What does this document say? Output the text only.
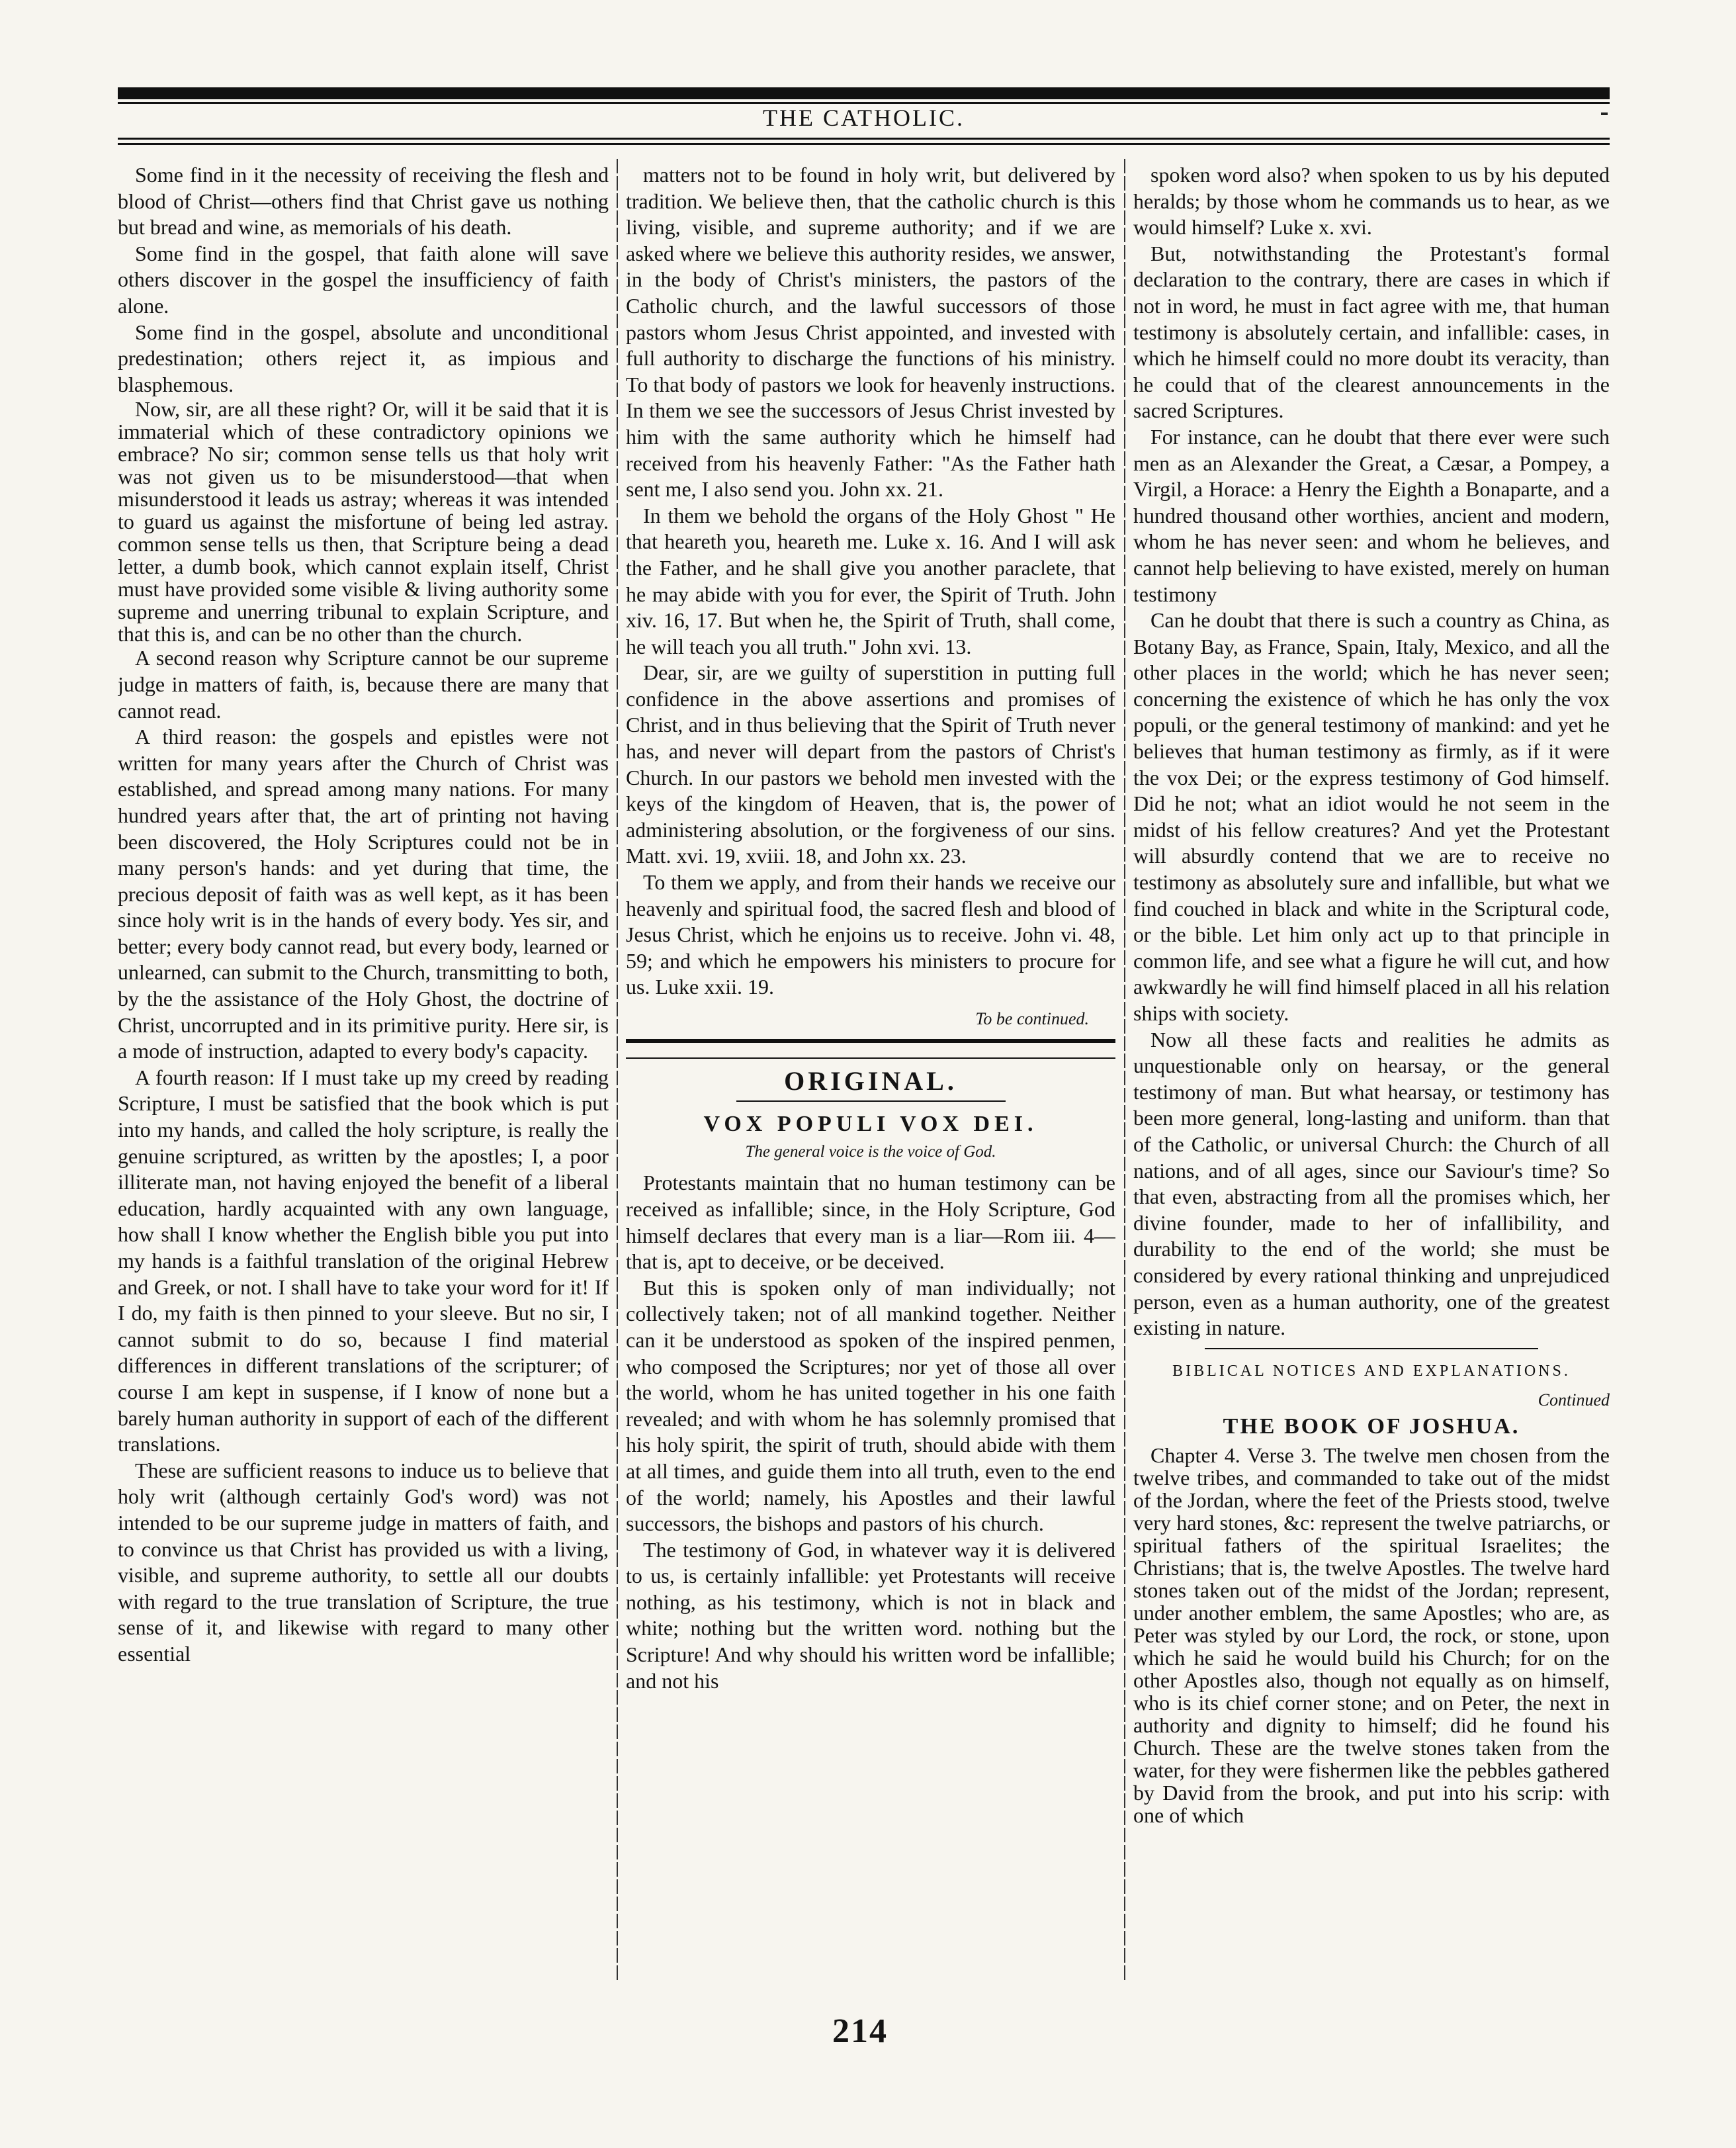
THE CATHOLIC.

Some find in it the necessity of receiving the flesh and blood of Christ—others find that Christ gave us nothing but bread and wine, as memorials of his death.

Some find in the gospel, that faith alone will save others discover in the gospel the insufficiency of faith alone.

Some find in the gospel, absolute and unconditional predestination; others reject it, as impious and blasphemous.

Now, sir, are all these right? Or, will it be said that it is immaterial which of these contradictory opinions we embrace? No sir; common sense tells us that holy writ was not given us to be misunderstood—that when misunderstood it leads us astray; whereas it was intended to guard us against the misfortune of being led astray. common sense tells us then, that Scripture being a dead letter, a dumb book, which cannot explain itself, Christ must have provided some visible & living authority some supreme and unerring tribunal to explain Scripture, and that this is, and can be no other than the church.

A second reason why Scripture cannot be our supreme judge in matters of faith, is, because there are many that cannot read.

A third reason: the gospels and epistles were not written for many years after the Church of Christ was established, and spread among many nations. For many hundred years after that, the art of printing not having been discovered, the Holy Scriptures could not be in many person's hands: and yet during that time, the precious deposit of faith was as well kept, as it has been since holy writ is in the hands of every body. Yes sir, and better; every body cannot read, but every body, learned or unlearned, can submit to the Church, transmitting to both, by the the assistance of the Holy Ghost, the doctrine of Christ, uncorrupted and in its primitive purity. Here sir, is a mode of instruction, adapted to every body's capacity.

A fourth reason: If I must take up my creed by reading Scripture, I must be satisfied that the book which is put into my hands, and called the holy scripture, is really the genuine scriptured, as written by the apostles; I, a poor illiterate man, not having enjoyed the benefit of a liberal education, hardly acquainted with any own language, how shall I know whether the English bible you put into my hands is a faithful translation of the original Hebrew and Greek, or not. I shall have to take your word for it! If I do, my faith is then pinned to your sleeve. But no sir, I cannot submit to do so, because I find material differences in different translations of the scripturer; of course I am kept in suspense, if I know of none but a barely human authority in support of each of the different translations.

These are sufficient reasons to induce us to believe that holy writ (although certainly God's word) was not intended to be our supreme judge in matters of faith, and to convince us that Christ has provided us with a living, visible, and supreme authority, to settle all our doubts with regard to the true translation of Scripture, the true sense of it, and likewise with regard to many other essential

matters not to be found in holy writ, but delivered by tradition. We believe then, that the catholic church is this living, visible, and supreme authority; and if we are asked where we believe this authority resides, we answer, in the body of Christ's ministers, the pastors of the Catholic church, and the lawful successors of those pastors whom Jesus Christ appointed, and invested with full authority to discharge the functions of his ministry. To that body of pastors we look for heavenly instructions. In them we see the successors of Jesus Christ invested by him with the same authority which he himself had received from his heavenly Father: "As the Father hath sent me, I also send you. John xx. 21.

In them we behold the organs of the Holy Ghost " He that heareth you, heareth me. Luke x. 16. And I will ask the Father, and he shall give you another paraclete, that he may abide with you for ever, the Spirit of Truth. John xiv. 16, 17. But when he, the Spirit of Truth, shall come, he will teach you all truth." John xvi. 13.

Dear, sir, are we guilty of superstition in putting full confidence in the above assertions and promises of Christ, and in thus believing that the Spirit of Truth never has, and never will depart from the pastors of Christ's Church. In our pastors we behold men invested with the keys of the kingdom of Heaven, that is, the power of administering absolution, or the forgiveness of our sins. Matt. xvi. 19, xviii. 18, and John xx. 23.

To them we apply, and from their hands we receive our heavenly and spiritual food, the sacred flesh and blood of Jesus Christ, which he enjoins us to receive. John vi. 48, 59; and which he empowers his ministers to procure for us. Luke xxii. 19.

To be continued.
ORIGINAL.
VOX POPULI VOX DEI.
The general voice is the voice of God.

Protestants maintain that no human testimony can be received as infallible; since, in the Holy Scripture, God himself declares that every man is a liar—Rom iii. 4—that is, apt to deceive, or be deceived.

But this is spoken only of man individually; not collectively taken; not of all mankind together. Neither can it be understood as spoken of the inspired penmen, who composed the Scriptures; nor yet of those all over the world, whom he has united together in his one faith revealed; and with whom he has solemnly promised that his holy spirit, the spirit of truth, should abide with them at all times, and guide them into all truth, even to the end of the world; namely, his Apostles and their lawful successors, the bishops and pastors of his church.

The testimony of God, in whatever way it is delivered to us, is certainly infallible: yet Protestants will receive nothing, as his testimony, which is not in black and white; nothing but the written word. nothing but the Scripture! And why should his written word be infallible; and not his

spoken word also? when spoken to us by his deputed heralds; by those whom he commands us to hear, as we would himself? Luke x. xvi.

But, notwithstanding the Protestant's formal declaration to the contrary, there are cases in which if not in word, he must in fact agree with me, that human testimony is absolutely certain, and infallible: cases, in which he himself could no more doubt its veracity, than he could that of the clearest announcements in the sacred Scriptures.

For instance, can he doubt that there ever were such men as an Alexander the Great, a Cæsar, a Pompey, a Virgil, a Horace: a Henry the Eighth a Bonaparte, and a hundred thousand other worthies, ancient and modern, whom he has never seen: and whom he believes, and cannot help believing to have existed, merely on human testimony

Can he doubt that there is such a country as China, as Botany Bay, as France, Spain, Italy, Mexico, and all the other places in the world; which he has never seen; concerning the existence of which he has only the vox populi, or the general testimony of mankind: and yet he believes that human testimony as firmly, as if it were the vox Dei; or the express testimony of God himself. Did he not; what an idiot would he not seem in the midst of his fellow creatures? And yet the Protestant will absurdly contend that we are to receive no testimony as absolutely sure and infallible, but what we find couched in black and white in the Scriptural code, or the bible. Let him only act up to that principle in common life, and see what a figure he will cut, and how awkwardly he will find himself placed in all his relation ships with society.

Now all these facts and realities he admits as unquestionable only on hearsay, or the general testimony of man. But what hearsay, or testimony has been more general, long-lasting and uniform. than that of the Catholic, or universal Church: the Church of all nations, and of all ages, since our Saviour's time? So that even, abstracting from all the promises which, her divine founder, made to her of infallibility, and durability to the end of the world; she must be considered by every rational thinking and unprejudiced person, even as a human authority, one of the greatest existing in nature.

BIBLICAL NOTICES AND EXPLANATIONS.
Continued
THE BOOK OF JOSHUA.

Chapter 4. Verse 3. The twelve men chosen from the twelve tribes, and commanded to take out of the midst of the Jordan, where the feet of the Priests stood, twelve very hard stones, &c: represent the twelve patriarchs, or spiritual fathers of the spiritual Israelites; the Christians; that is, the twelve Apostles. The twelve hard stones taken out of the midst of the Jordan; represent, under another emblem, the same Apostles; who are, as Peter was styled by our Lord, the rock, or stone, upon which he said he would build his Church; for on the other Apostles also, though not equally as on himself, who is its chief corner stone; and on Peter, the next in authority and dignity to himself; did he found his Church. These are the twelve stones taken from the water, for they were fishermen like the pebbles gathered by David from the brook, and put into his scrip: with one of which

214
